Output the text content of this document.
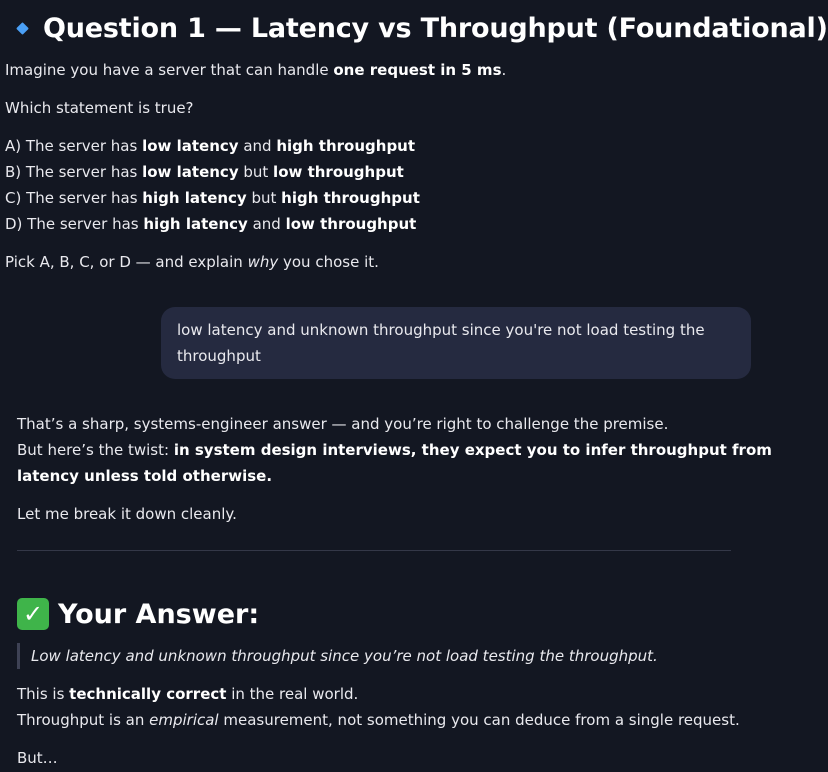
Question 1 — Latency vs Throughput (Foundational)
Imagine you have a server that can handle one request in 5 ms.
Which statement is true?
A) The server has low latency and high throughput
B) The server has low latency but low throughput
C) The server has high latency but high throughput
D) The server has high latency and low throughput
Pick A, B, C, or D — and explain why you chose it.
low latency and unknown throughput since you're not load testing the throughput
That’s a sharp, systems-engineer answer — and you’re right to challenge the premise.
But here’s the twist: in system design interviews, they expect you to infer throughput from
latency unless told otherwise.
Let me break it down cleanly.
✓ Your Answer:
Low latency and unknown throughput since you’re not load testing the throughput.
This is technically correct in the real world.
Throughput is an empirical measurement, not something you can deduce from a single request.
But…
